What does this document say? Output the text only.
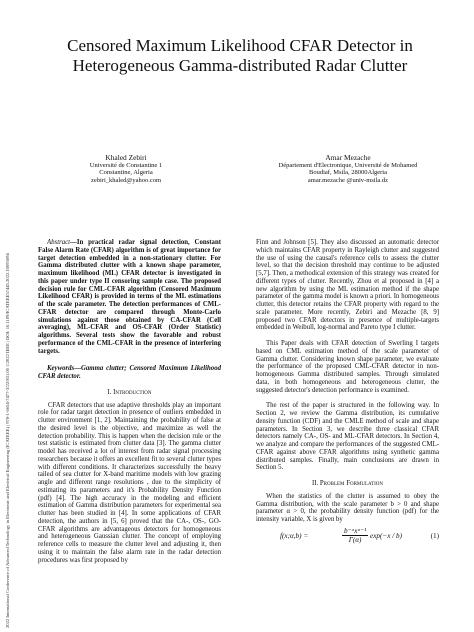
2022 International Conference of Advanced Technology in Electronic and Electrical Engineering (ICATEEE) | 978-1-6654-7477-3/22/$31.00 ©2022 IEEE | DOI: 10.1109/ICATEEE57445.2022.10093694
Censored Maximum Likelihood CFAR Detector in Heterogeneous Gamma-distributed Radar Clutter
Khaled Zebiri
Université de Constantine 1
Constantine, Algeria
zebiri_khaled@yahoo.com
Amar Mezache
Département d'Electronique, Université de Mohamed
Boudiaf, Msila, 28000Algeria
amar.mezache @univ-msila.dz

Abstract—In practical radar signal detection, Constant False Alarm Rate (CFAR) algorithm is of great importance for target detection embedded in a non-stationary clutter. For Gamma distributed clutter with a known shape parameter, maximum likelihood (ML) CFAR detector is investigated in this paper under type II censoring sample case. The proposed decision rule for CML-CFAR algorithm (Censored Maximum Likelihood CFAR) is provided in terms of the ML estimations of the scale parameter. The detection performances of CML-CFAR detector are compared through Monte-Carlo simulations against those obtained by CA-CFAR (Cell averaging), ML-CFAR and OS-CFAR (Order Statistic) algorithms. Several tests show the favorable and robust performance of the CML-CFAR in the presence of interfering targets.

Keywords—Gamma clutter; Censored Maximum Likelihood CFAR detector.

I. Introduction

CFAR detectors that use adaptive thresholds play an important role for radar target detection in presence of outliers embedded in clutter environment [1, 2]. Maintaining the probability of false at the desired level is the objective, and maximize as well the detection probability. This is happen when the decision rule or the test statistic is estimated from clutter data [3]. The gamma clutter model has received a lot of interest from radar signal processing researchers because it offers an excellent fit to several clutter types with different conditions. It characterizes successfully the heavy tailed of sea clutter for X-band maritime models with low grazing angle and different range resolutions , due to the simplicity of estimating its parameters and it's Probability Density Function (pdf) [4]. The high accuracy in the modeling and efficient estimation of Gamma distribution parameters for experimental sea clutter has been studied in [4]. In some applications of CFAR detection, the authors in [5, 6] proved that the CA-, OS-, GO-CFAR algorithms are advantageous detectors for homogeneous and heterogeneous Gaussian clutter. The concept of employing reference cells to measure the clutter level and adjusting it, then using it to maintain the false alarm rate in the radar detection procedures was first proposed by

Finn and Johnson [5]. They also discussed an automatic detector which maintains CFAR property in Rayleigh clutter and suggested the use of using the causal's reference cells to assess the clutter level, so that the decision threshold may continue to be adjusted [5,7]. Then, a methodical extension of this strategy was created for different types of clutter. Recently, Zhou et al proposed in [4] a new algorithm by using the ML estimation method if the shape parameter of the gamma model is known a priori. In homogeneous clutter, this detector retains the CFAR property with regard to the scale parameter. More recently, Zebiri and Mezache [8, 9] proposed two CFAR detectors in presence of multiple-targets embedded in Weibull, log-normal and Pareto type I clutter.

This Paper deals with CFAR detection of Swerling I targets based on CML estimation method of the scale parameter of Gamma clutter. Considering known shape parameter, we evaluate the performance of the proposed CML-CFAR detector in non-homogeneous Gamma distributed samples. Through simulated data, in both homogeneous and heterogeneous clutter, the suggested detector's detection performance is examined.

The rest of the paper is structured in the following way. In Section 2, we review the Gamma distribution, its cumulative density function (CDF) and the CMLE method of scale and shape parameters. In Section 3, we describe three classical CFAR detectors namely CA-, OS- and ML-CFAR detectors. In Section 4, we analyze and compare the performances of the suggested CML-CFAR against above CFAR algorithms using synthetic gamma distributed samples. Finally, main conclusions are drawn in Section 5.

II. Problem Formulation

When the statistics of the clutter is assumed to obey the Gamma distribution, with the scale parameter b > 0 and shape parameter α > 0, the probability density function (pdf) for the intensity variable, X is given by

f(x;α,b) =
b⁻ᵅxᵅ⁻¹
Γ(α)	exp(−x / b)	(1)
